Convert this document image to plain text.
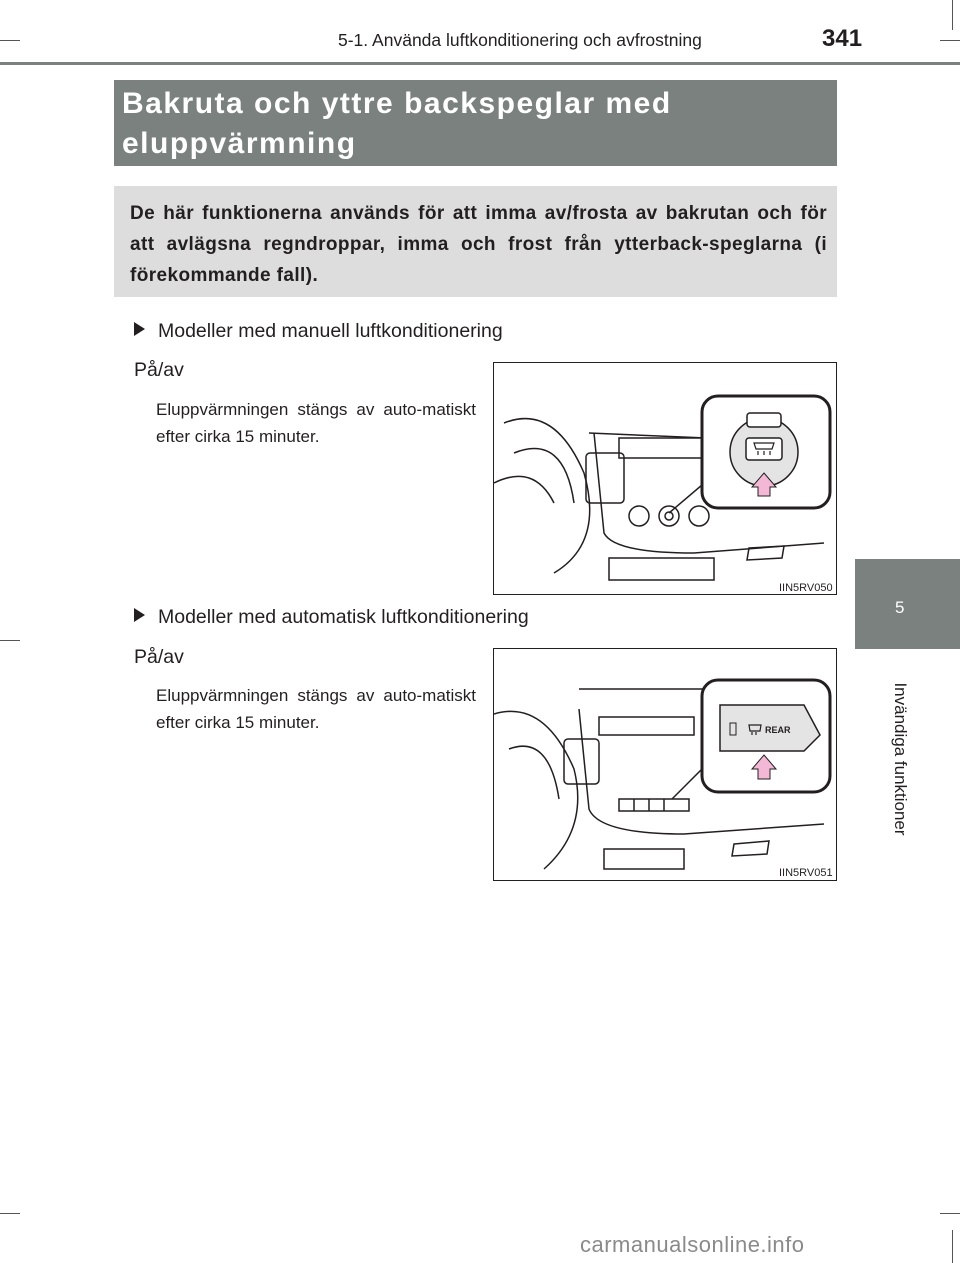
5-1. Använda luftkonditionering och avfrostning	341
Bakruta och yttre backspeglar med eluppvärmning
De här funktionerna används för att imma av/frosta av bakrutan och för att avlägsna regndroppar, imma och frost från ytterback-speglarna (i förekommande fall).
Modeller med manuell luftkonditionering
På/av
Eluppvärmningen stängs av auto-matiskt efter cirka 15 minuter.
IIN5RV050
Modeller med automatisk luftkonditionering
På/av
Eluppvärmningen stängs av auto-matiskt efter cirka 15 minuter.	REAR
IIN5RV051
5
Invändiga funktioner
carmanualsonline.info
